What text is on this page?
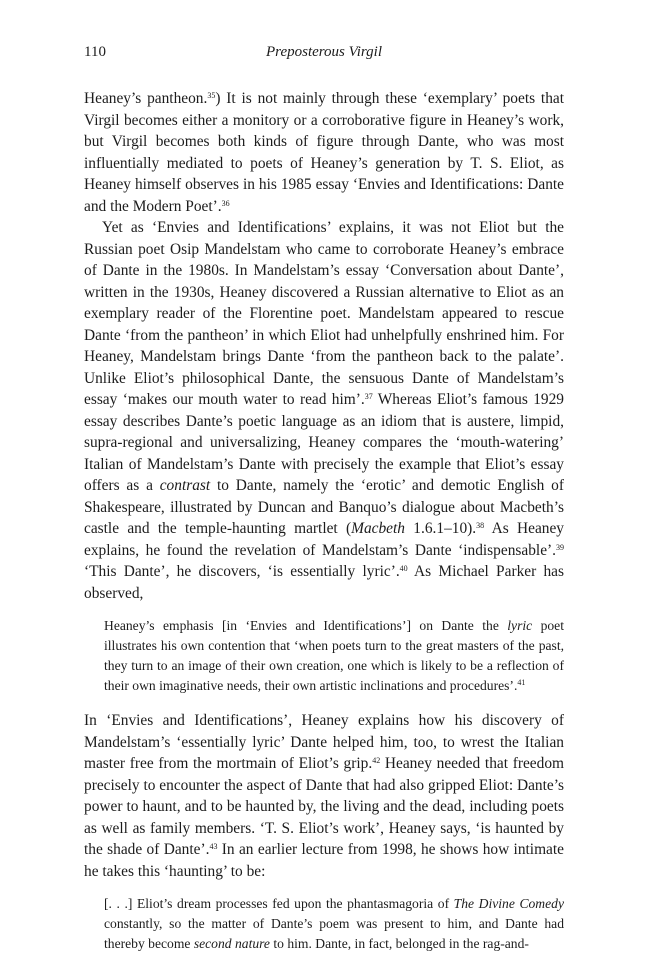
110	Preposterous Virgil

Heaney’s pantheon.$^{35}$) It is not mainly through these ‘exemplary’ poets that Virgil becomes either a monitory or a corroborative figure in Heaney’s work, but Virgil becomes both kinds of figure through Dante, who was most influentially mediated to poets of Heaney’s generation by T. S. Eliot, as Heaney himself observes in his 1985 essay ‘Envies and Identifications: Dante and the Modern Poet’.$^{36}$

Yet as ‘Envies and Identifications’ explains, it was not Eliot but the Russian poet Osip Mandelstam who came to corroborate Heaney’s embrace of Dante in the 1980s. In Mandelstam’s essay ‘Conversation about Dante’, written in the 1930s, Heaney discovered a Russian alternative to Eliot as an exemplary reader of the Florentine poet. Mandelstam appeared to rescue Dante ‘from the pantheon’ in which Eliot had unhelpfully enshrined him. For Heaney, Mandelstam brings Dante ‘from the pantheon back to the palate’. Unlike Eliot’s philosophical Dante, the sensuous Dante of Mandelstam’s essay ‘makes our mouth water to read him’.$^{37}$ Whereas Eliot’s famous 1929 essay describes Dante’s poetic language as an idiom that is austere, limpid, supra-regional and universalizing, Heaney compares the ‘mouth-watering’ Italian of Mandelstam’s Dante with precisely the example that Eliot’s essay offers as a contrast to Dante, namely the ‘erotic’ and demotic English of Shakespeare, illustrated by Duncan and Banquo’s dialogue about Macbeth’s castle and the temple-haunting martlet (Macbeth 1.6.1–10).$^{38}$ As Heaney explains, he found the revelation of Mandelstam’s Dante ‘indispensable’.$^{39}$ ‘This Dante’, he discovers, ‘is essentially lyric’.$^{40}$ As Michael Parker has observed,

Heaney’s emphasis [in ‘Envies and Identifications’] on Dante the lyric poet illustrates his own contention that ‘when poets turn to the great masters of the past, they turn to an image of their own creation, one which is likely to be a reflection of their own imaginative needs, their own artistic inclinations and procedures’.$^{41}$

In ‘Envies and Identifications’, Heaney explains how his discovery of Mandelstam’s ‘essentially lyric’ Dante helped him, too, to wrest the Italian master free from the mortmain of Eliot’s grip.$^{42}$ Heaney needed that freedom precisely to encounter the aspect of Dante that had also gripped Eliot: Dante’s power to haunt, and to be haunted by, the living and the dead, including poets as well as family members. ‘T. S. Eliot’s work’, Heaney says, ‘is haunted by the shade of Dante’.$^{43}$ In an earlier lecture from 1998, he shows how intimate he takes this ‘haunting’ to be:

[. . .] Eliot’s dream processes fed upon the phantasmagoria of The Divine Comedy constantly, so the matter of Dante’s poem was present to him, and Dante had thereby become second nature to him. Dante, in fact, belonged in the rag-and-
